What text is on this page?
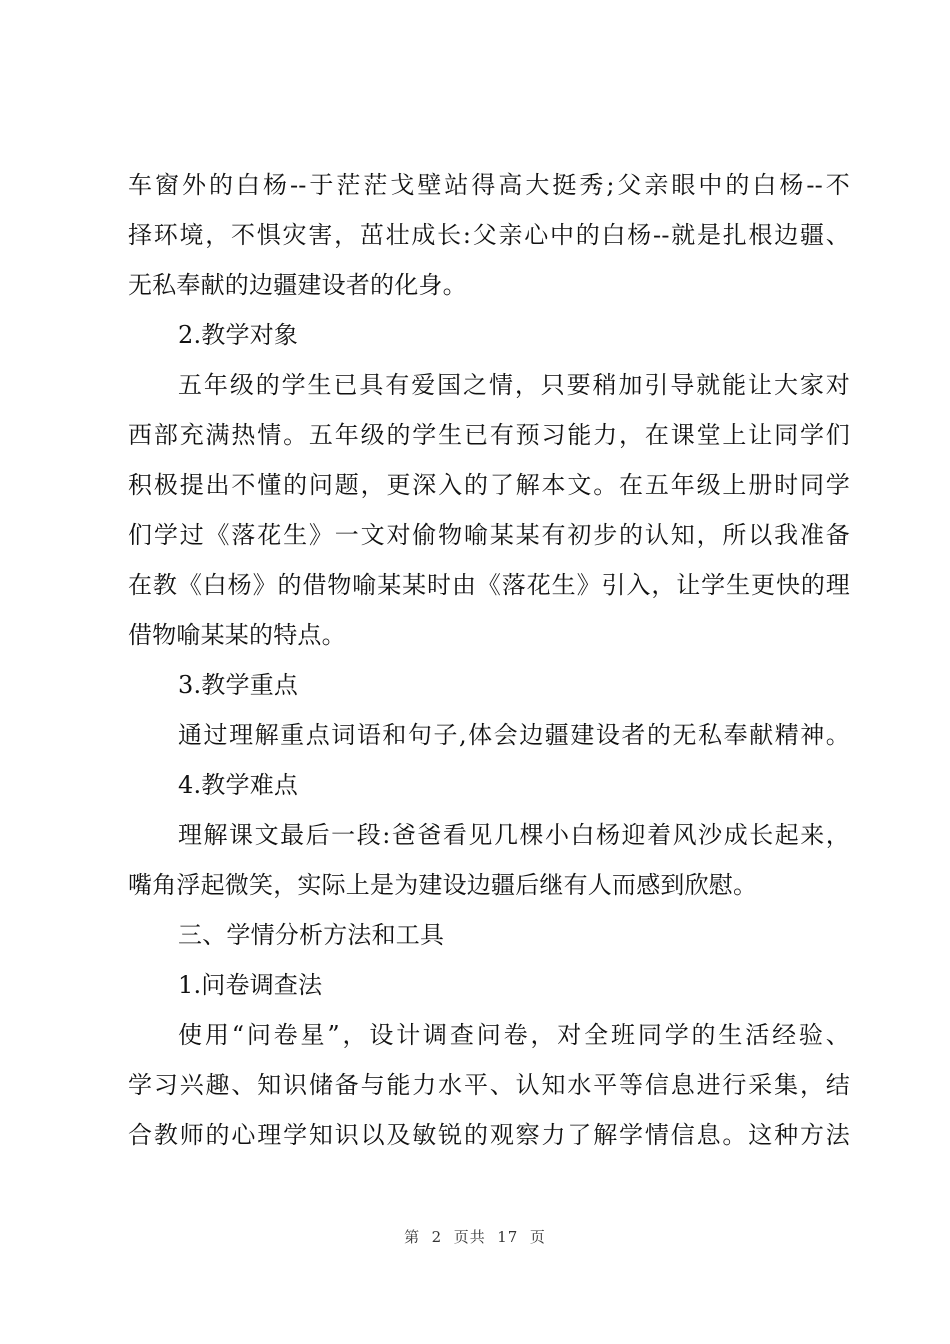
车窗外的白杨--于茫茫戈壁站得高大挺秀;父亲眼中的白杨--不
择环境，不惧灾害，茁壮成长:父亲心中的白杨--就是扎根边疆、
无私奉献的边疆建设者的化身。
2.教学对象
五年级的学生已具有爱国之情，只要稍加引导就能让大家对
西部充满热情。五年级的学生已有预习能力，在课堂上让同学们
积极提出不懂的问题，更深入的了解本文。在五年级上册时同学
们学过《落花生》一文对偷物喻某某有初步的认知，所以我准备
在教《白杨》的借物喻某某时由《落花生》引入，让学生更快的理
借物喻某某的特点。
3.教学重点
通过理解重点词语和句子,体会边疆建设者的无私奉献精神。
4.教学难点
理解课文最后一段:爸爸看见几棵小白杨迎着风沙成长起来，
嘴角浮起微笑，实际上是为建设边疆后继有人而感到欣慰。
三、学情分析方法和工具
1.问卷调查法
使用“问卷星”，设计调查问卷，对全班同学的生活经验、
学习兴趣、知识储备与能力水平、认知水平等信息进行采集，结
合教师的心理学知识以及敏锐的观察力了解学情信息。这种方法
第  2  页共  17  页
